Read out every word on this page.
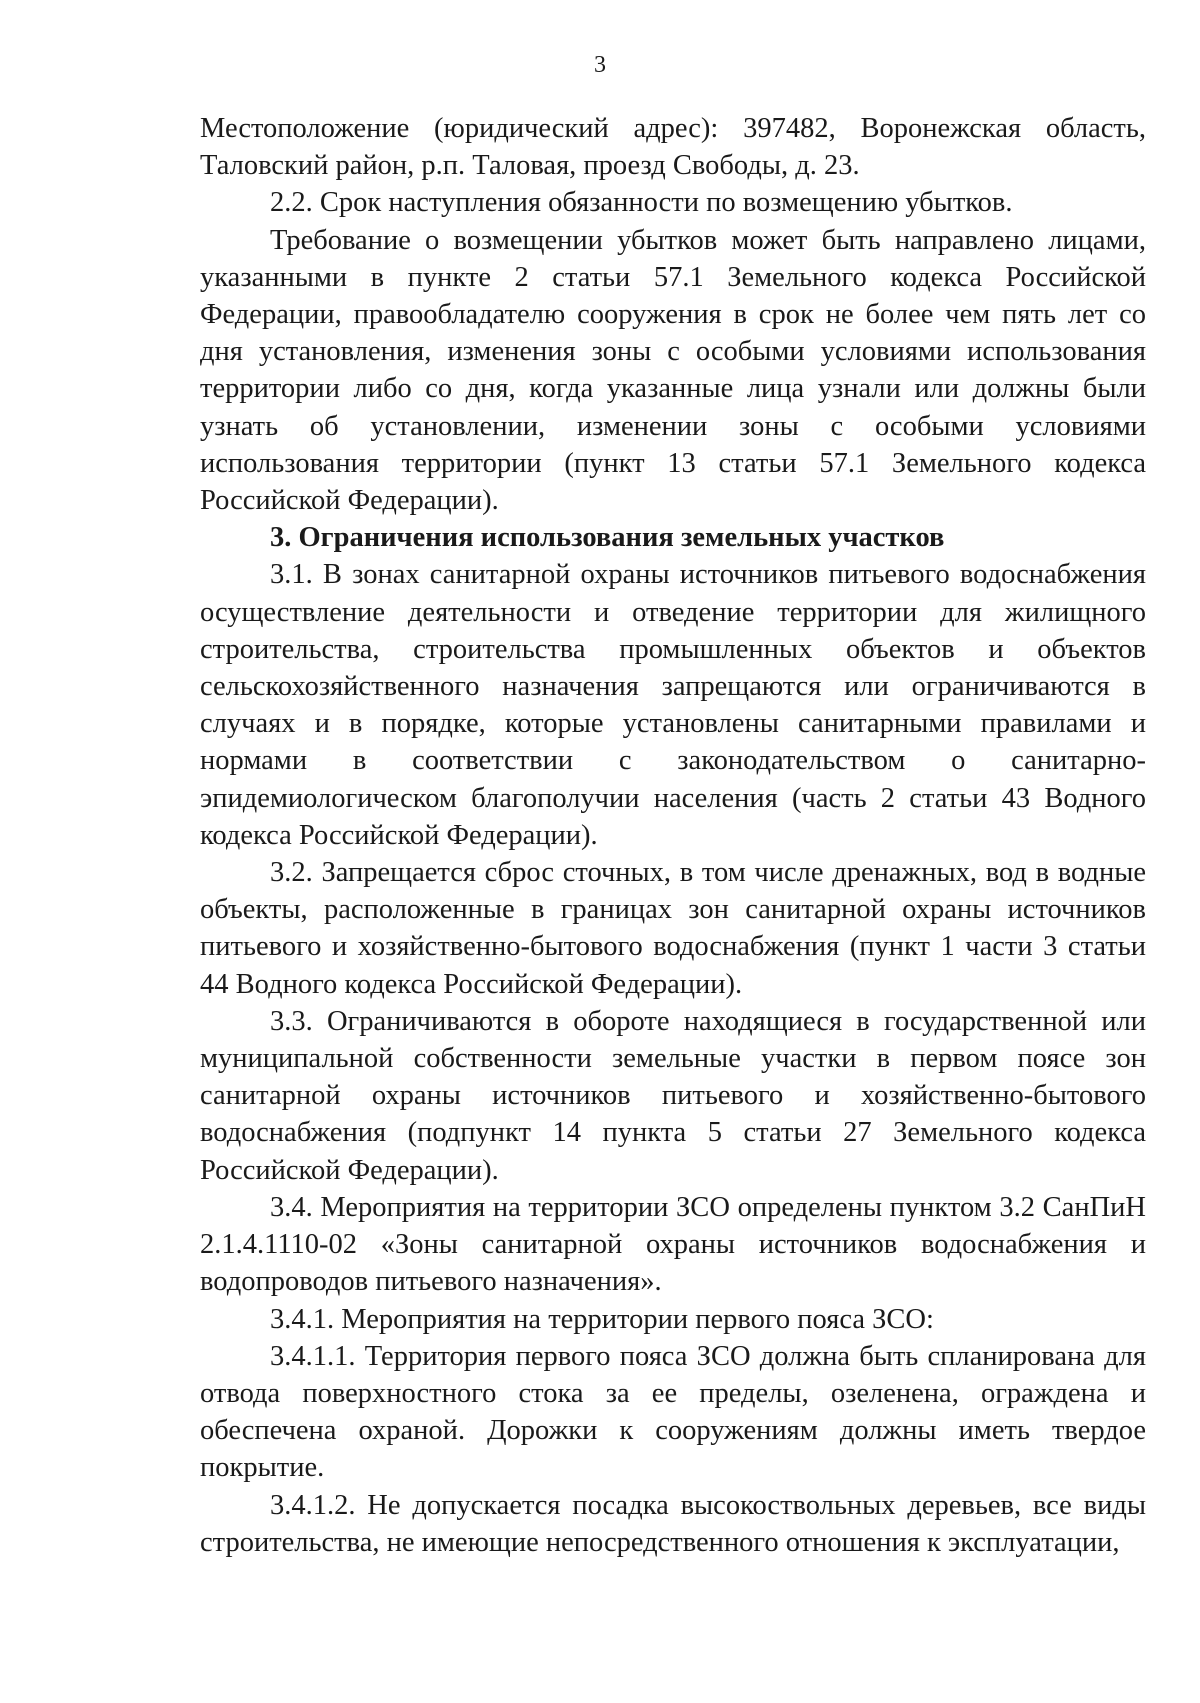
3

Местоположение (юридический адрес): 397482, Воронежская область, Таловский район, р.п. Таловая, проезд Свободы, д. 23.

2.2. Срок наступления обязанности по возмещению убытков.

Требование о возмещении убытков может быть направлено лицами, указанными в пункте 2 статьи 57.1 Земельного кодекса Российской Федерации, правообладателю сооружения в срок не более чем пять лет со дня установления, изменения зоны с особыми условиями использования территории либо со дня, когда указанные лица узнали или должны были узнать об установлении, изменении зоны с особыми условиями использования территории (пункт 13 статьи 57.1 Земельного кодекса Российской Федерации).

3. Ограничения использования земельных участков

3.1. В зонах санитарной охраны источников питьевого водоснабжения осуществление деятельности и отведение территории для жилищного строительства, строительства промышленных объектов и объектов сельскохозяйственного назначения запрещаются или ограничиваются в случаях и в порядке, которые установлены санитарными правилами и нормами в соответствии с законодательством о санитарно-эпидемиологическом благополучии населения (часть 2 статьи 43 Водного кодекса Российской Федерации).

3.2. Запрещается сброс сточных, в том числе дренажных, вод в водные объекты, расположенные в границах зон санитарной охраны источников питьевого и хозяйственно-бытового водоснабжения (пункт 1 части 3 статьи 44 Водного кодекса Российской Федерации).

3.3. Ограничиваются в обороте находящиеся в государственной или муниципальной собственности земельные участки в первом поясе зон санитарной охраны источников питьевого и хозяйственно-бытового водоснабжения (подпункт 14 пункта 5 статьи 27 Земельного кодекса Российской Федерации).

3.4. Мероприятия на территории ЗСО определены пунктом 3.2 СанПиН 2.1.4.1110-02 «Зоны санитарной охраны источников водоснабжения и водопроводов питьевого назначения».

3.4.1. Мероприятия на территории первого пояса ЗСО:

3.4.1.1. Территория первого пояса ЗСО должна быть спланирована для отвода поверхностного стока за ее пределы, озеленена, ограждена и обеспечена охраной. Дорожки к сооружениям должны иметь твердое покрытие.

3.4.1.2. Не допускается посадка высокоствольных деревьев, все виды строительства, не имеющие непосредственного отношения к эксплуатации,
